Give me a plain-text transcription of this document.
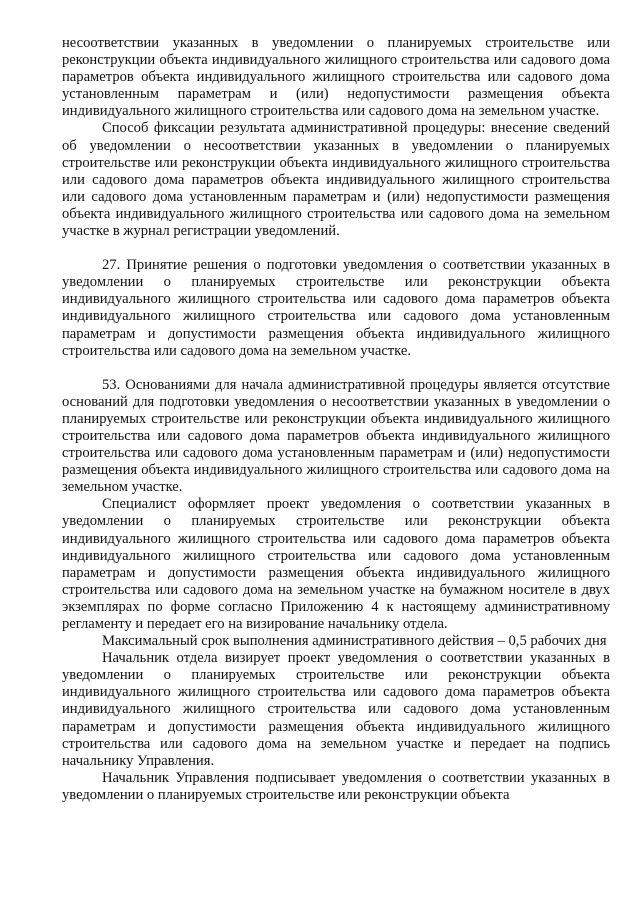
несоответствии указанных в уведомлении о планируемых строительстве или реконструкции объекта индивидуального жилищного строительства или садового дома параметров объекта индивидуального жилищного строительства или садового дома установленным параметрам и (или) недопустимости размещения объекта индивидуального жилищного строительства или садового дома на земельном участке.

Способ фиксации результата административной процедуры: внесение сведений об уведомлении о несоответствии указанных в уведомлении о планируемых строительстве или реконструкции объекта индивидуального жилищного строительства или садового дома параметров объекта индивидуального жилищного строительства или садового дома установленным параметрам и (или) недопустимости размещения объекта индивидуального жилищного строительства или садового дома на земельном участке в журнал регистрации уведомлений.

27. Принятие решения о подготовки уведомления о соответствии указанных в уведомлении о планируемых строительстве или реконструкции объекта индивидуального жилищного строительства или садового дома параметров объекта индивидуального жилищного строительства или садового дома установленным параметрам и допустимости размещения объекта индивидуального жилищного строительства или садового дома на земельном участке.

53. Основаниями для начала административной процедуры является отсутствие оснований для подготовки уведомления о несоответствии указанных в уведомлении о планируемых строительстве или реконструкции объекта индивидуального жилищного строительства или садового дома параметров объекта индивидуального жилищного строительства или садового дома установленным параметрам и (или) недопустимости размещения объекта индивидуального жилищного строительства или садового дома на земельном участке.

Специалист оформляет проект уведомления о соответствии указанных в уведомлении о планируемых строительстве или реконструкции объекта индивидуального жилищного строительства или садового дома параметров объекта индивидуального жилищного строительства или садового дома установленным параметрам и допустимости размещения объекта индивидуального жилищного строительства или садового дома на земельном участке на бумажном носителе в двух экземплярах по форме согласно Приложению 4 к настоящему административному регламенту и передает его на визирование начальнику отдела.

Максимальный срок выполнения административного действия – 0,5 рабочих дня

Начальник отдела визирует проект уведомления о соответствии указанных в уведомлении о планируемых строительстве или реконструкции объекта индивидуального жилищного строительства или садового дома параметров объекта индивидуального жилищного строительства или садового дома установленным параметрам и допустимости размещения объекта индивидуального жилищного строительства или садового дома на земельном участке и передает на подпись начальнику Управления.

Начальник Управления подписывает уведомления о соответствии указанных в уведомлении о планируемых строительстве или реконструкции объекта
